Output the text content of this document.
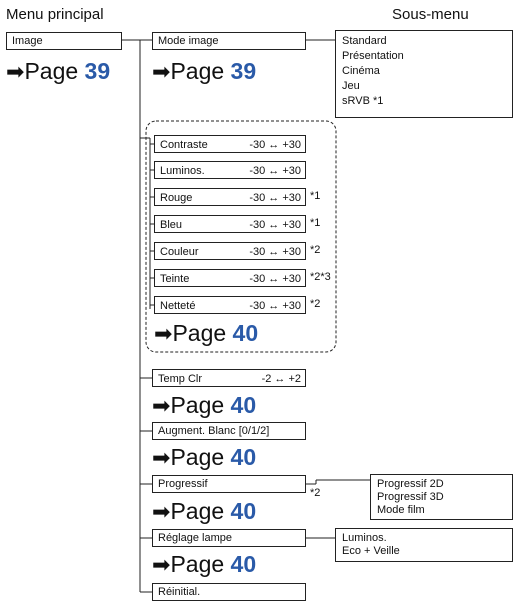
Menu principal	Sous-menu
Image
➡Page 39
Mode image
➡Page 39
Standard
Présentation
Cinéma
Jeu
sRVB *1
Contraste	-30 ↔ +30
Luminos.	-30 ↔ +30
Rouge	-30 ↔ +30 *1
Bleu	-30 ↔ +30 *1
Couleur	-30 ↔ +30 *2
Teinte	-30 ↔ +30 *2*3
Netteté	-30 ↔ +30 *2
➡Page 40
Temp Clr	-2 ↔ +2
➡Page 40
Augment. Blanc [0/1/2]
➡Page 40
Progressif
*2
➡Page 40
Progressif 2D
Progressif 3D
Mode film
Réglage lampe
➡Page 40
Luminos.
Eco + Veille
Réinitial.
